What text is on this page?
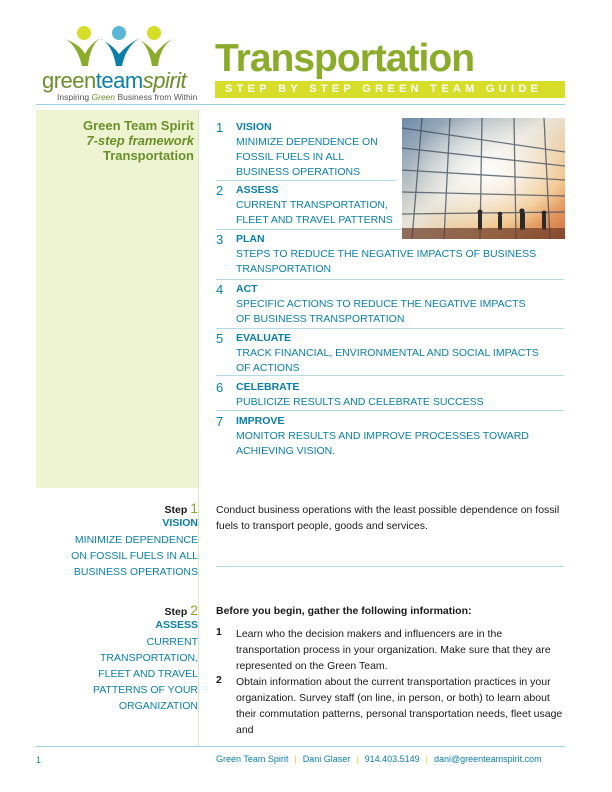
greenteamspirit
Inspiring Green Business from Within
Transportation
STEP BY STEP GREEN TEAM GUIDE
Green Team Spirit
7-step framework
Transportation
1 VISION
MINIMIZE DEPENDENCE ON
FOSSIL FUELS IN ALL
BUSINESS OPERATIONS
2 ASSESS
CURRENT TRANSPORTATION,
FLEET AND TRAVEL PATTERNS
3 PLAN
STEPS TO REDUCE THE NEGATIVE IMPACTS OF BUSINESS
TRANSPORTATION
4 ACT
SPECIFIC ACTIONS TO REDUCE THE NEGATIVE IMPACTS
OF BUSINESS TRANSPORTATION
5 EVALUATE
TRACK FINANCIAL, ENVIRONMENTAL AND SOCIAL IMPACTS
OF ACTIONS
6 CELEBRATE
PUBLICIZE RESULTS AND CELEBRATE SUCCESS
7 IMPROVE
MONITOR RESULTS AND IMPROVE PROCESSES TOWARD
ACHIEVING VISION.
Step 1
VISION
MINIMIZE DEPENDENCE
ON FOSSIL FUELS IN ALL
BUSINESS OPERATIONS
Conduct business operations with the least possible dependence on fossil fuels to transport people, goods and services.
Step 2
ASSESS
CURRENT
TRANSPORTATION,
FLEET AND TRAVEL
PATTERNS OF YOUR
ORGANIZATION
Before you begin, gather the following information:
1 Learn who the decision makers and influencers are in the transportation process in your organization. Make sure that they are represented on the Green Team.
2 Obtain information about the current transportation practices in your organization. Survey staff (on line, in person, or both) to learn about their commutation patterns, personal transportation needs, fleet usage and
1	Green Team Spirit | Dani Glaser | 914.403.5149 | dani@greenteamspirit.com
